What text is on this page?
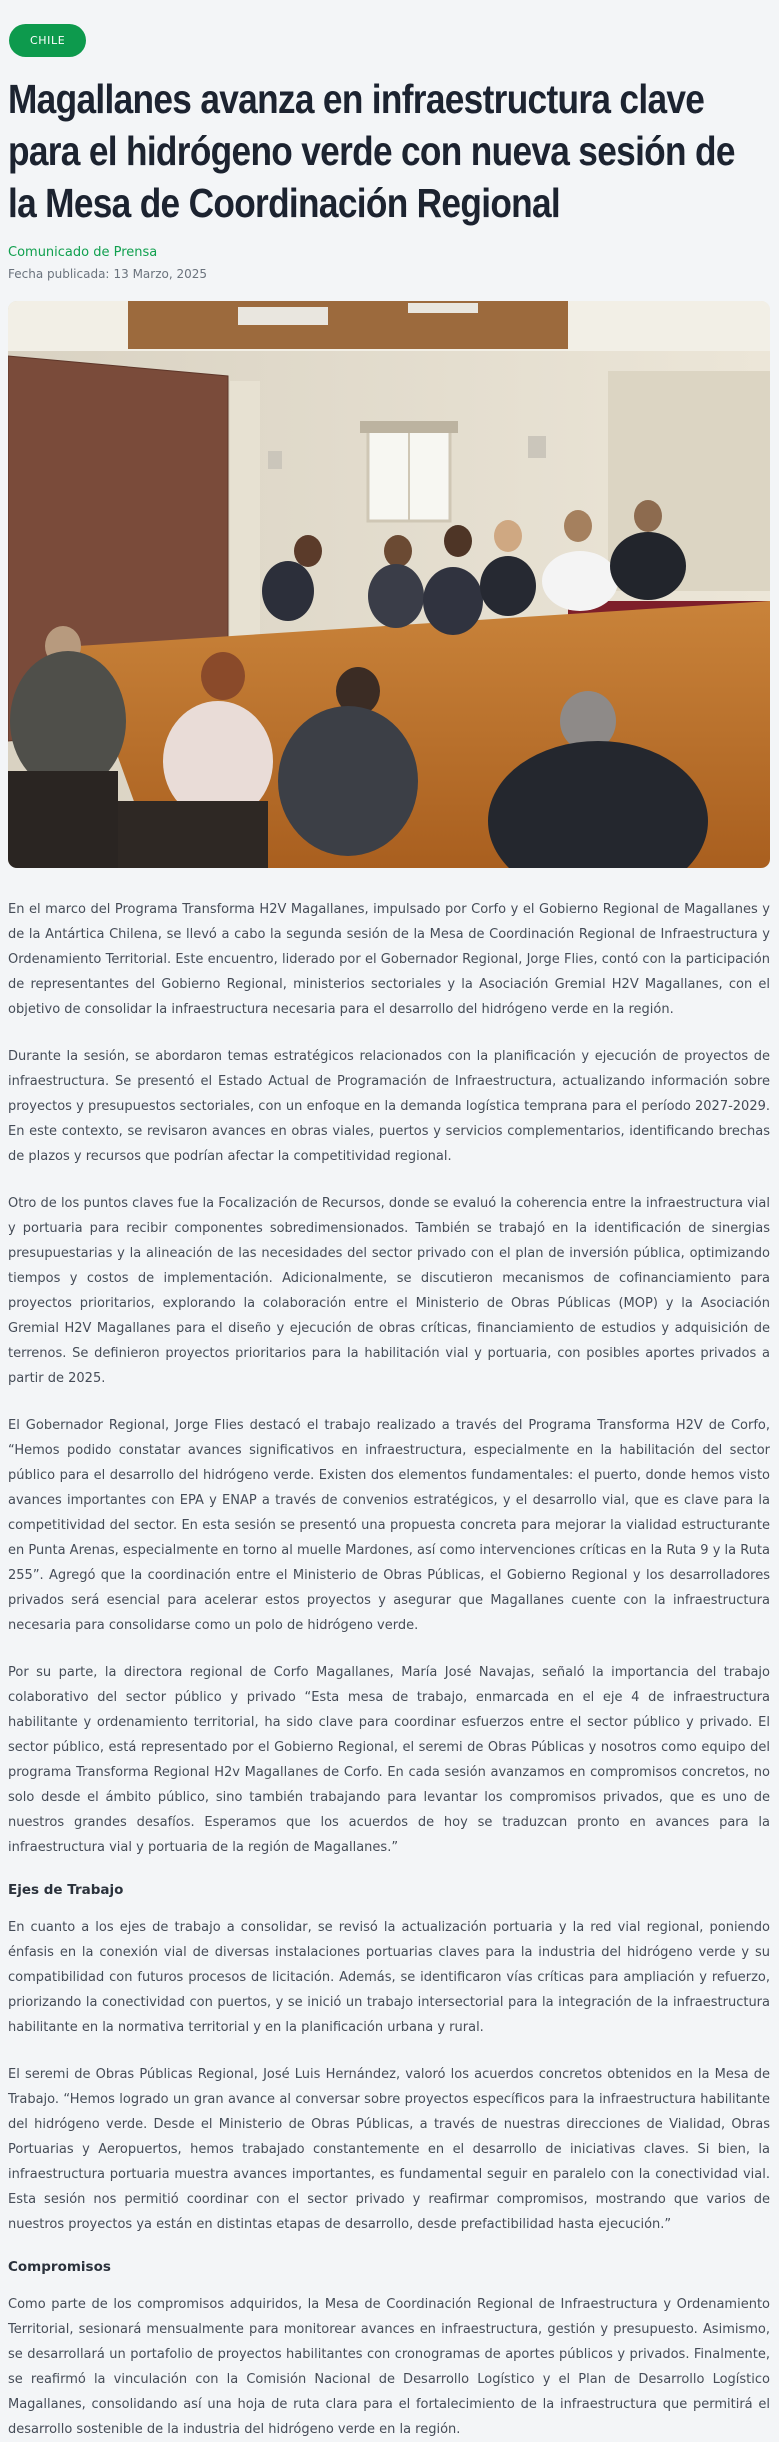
CHILE
Magallanes avanza en infraestructura clave para el hidrógeno verde con nueva sesión de la Mesa de Coordinación Regional
Comunicado de Prensa
Fecha publicada: 13 Marzo, 2025

En el marco del Programa Transforma H2V Magallanes, impulsado por Corfo y el Gobierno Regional de Magallanes y de la Antártica Chilena, se llevó a cabo la segunda sesión de la Mesa de Coordinación Regional de Infraestructura y Ordenamiento Territorial. Este encuentro, liderado por el Gobernador Regional, Jorge Flies, contó con la participación de representantes del Gobierno Regional, ministerios sectoriales y la Asociación Gremial H2V Magallanes, con el objetivo de consolidar la infraestructura necesaria para el desarrollo del hidrógeno verde en la región.

Durante la sesión, se abordaron temas estratégicos relacionados con la planificación y ejecución de proyectos de infraestructura. Se presentó el Estado Actual de Programación de Infraestructura, actualizando información sobre proyectos y presupuestos sectoriales, con un enfoque en la demanda logística temprana para el período 2027-2029. En este contexto, se revisaron avances en obras viales, puertos y servicios complementarios, identificando brechas de plazos y recursos que podrían afectar la competitividad regional.

Otro de los puntos claves fue la Focalización de Recursos, donde se evaluó la coherencia entre la infraestructura vial y portuaria para recibir componentes sobredimensionados. También se trabajó en la identificación de sinergias presupuestarias y la alineación de las necesidades del sector privado con el plan de inversión pública, optimizando tiempos y costos de implementación. Adicionalmente, se discutieron mecanismos de cofinanciamiento para proyectos prioritarios, explorando la colaboración entre el Ministerio de Obras Públicas (MOP) y la Asociación Gremial H2V Magallanes para el diseño y ejecución de obras críticas, financiamiento de estudios y adquisición de terrenos. Se definieron proyectos prioritarios para la habilitación vial y portuaria, con posibles aportes privados a partir de 2025.

El Gobernador Regional, Jorge Flies destacó el trabajo realizado a través del Programa Transforma H2V de Corfo, “Hemos podido constatar avances significativos en infraestructura, especialmente en la habilitación del sector público para el desarrollo del hidrógeno verde. Existen dos elementos fundamentales: el puerto, donde hemos visto avances importantes con EPA y ENAP a través de convenios estratégicos, y el desarrollo vial, que es clave para la competitividad del sector. En esta sesión se presentó una propuesta concreta para mejorar la vialidad estructurante en Punta Arenas, especialmente en torno al muelle Mardones, así como intervenciones críticas en la Ruta 9 y la Ruta 255”. Agregó que la coordinación entre el Ministerio de Obras Públicas, el Gobierno Regional y los desarrolladores privados será esencial para acelerar estos proyectos y asegurar que Magallanes cuente con la infraestructura necesaria para consolidarse como un polo de hidrógeno verde.

Por su parte, la directora regional de Corfo Magallanes, María José Navajas, señaló la importancia del trabajo colaborativo del sector público y privado “Esta mesa de trabajo, enmarcada en el eje 4 de infraestructura habilitante y ordenamiento territorial, ha sido clave para coordinar esfuerzos entre el sector público y privado. El sector público, está representado por el Gobierno Regional, el seremi de Obras Públicas y nosotros como equipo del programa Transforma Regional H2v Magallanes de Corfo. En cada sesión avanzamos en compromisos concretos, no solo desde el ámbito público, sino también trabajando para levantar los compromisos privados, que es uno de nuestros grandes desafíos. Esperamos que los acuerdos de hoy se traduzcan pronto en avances para la infraestructura vial y portuaria de la región de Magallanes.”

Ejes de Trabajo

En cuanto a los ejes de trabajo a consolidar, se revisó la actualización portuaria y la red vial regional, poniendo énfasis en la conexión vial de diversas instalaciones portuarias claves para la industria del hidrógeno verde y su compatibilidad con futuros procesos de licitación. Además, se identificaron vías críticas para ampliación y refuerzo, priorizando la conectividad con puertos, y se inició un trabajo intersectorial para la integración de la infraestructura habilitante en la normativa territorial y en la planificación urbana y rural.

El seremi de Obras Públicas Regional, José Luis Hernández, valoró los acuerdos concretos obtenidos en la Mesa de Trabajo. “Hemos logrado un gran avance al conversar sobre proyectos específicos para la infraestructura habilitante del hidrógeno verde. Desde el Ministerio de Obras Públicas, a través de nuestras direcciones de Vialidad, Obras Portuarias y Aeropuertos, hemos trabajado constantemente en el desarrollo de iniciativas claves. Si bien, la infraestructura portuaria muestra avances importantes, es fundamental seguir en paralelo con la conectividad vial. Esta sesión nos permitió coordinar con el sector privado y reafirmar compromisos, mostrando que varios de nuestros proyectos ya están en distintas etapas de desarrollo, desde prefactibilidad hasta ejecución.”

Compromisos

Como parte de los compromisos adquiridos, la Mesa de Coordinación Regional de Infraestructura y Ordenamiento Territorial, sesionará mensualmente para monitorear avances en infraestructura, gestión y presupuesto. Asimismo, se desarrollará un portafolio de proyectos habilitantes con cronogramas de aportes públicos y privados. Finalmente, se reafirmó la vinculación con la Comisión Nacional de Desarrollo Logístico y el Plan de Desarrollo Logístico Magallanes, consolidando así una hoja de ruta clara para el fortalecimiento de la infraestructura que permitirá el desarrollo sostenible de la industria del hidrógeno verde en la región.
